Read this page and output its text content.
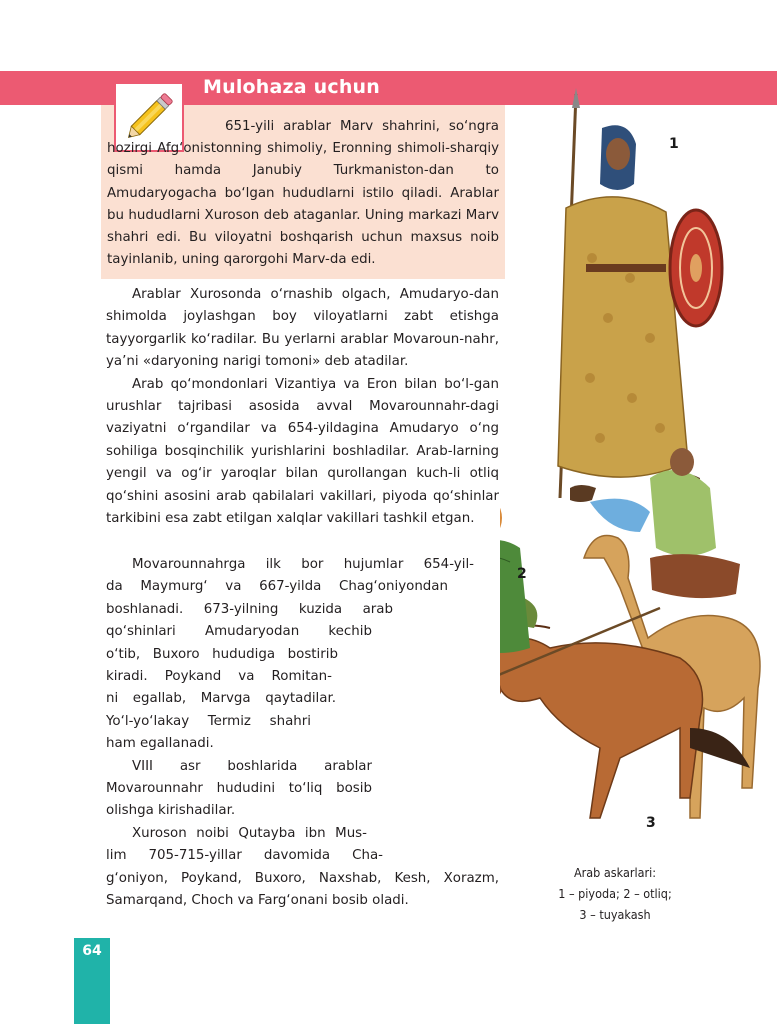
Mulohaza uchun

651-yili arablar Marv shahrini, so‘ngra hozirgi Afg‘onistonning shimoliy, Eronning shimoli-sharqiy qismi hamda Janubiy Turkmaniston-dan to Amudaryogacha bo‘lgan hududlarni istilo qiladi. Arablar bu hududlarni Xuroson deb ataganlar. Uning markazi Marv shahri edi. Bu viloyatni boshqarish uchun maxsus noib tayinlanib, uning qarorgohi Marv-da edi.

Arablar Xurosonda o‘rnashib olgach, Amudaryo-dan shimolda joylashgan boy viloyatlarni zabt etishga tayyorgarlik ko‘radilar. Bu yerlarni arablar Movaroun-nahr, ya’ni «daryoning narigi tomoni» deb atadilar.

Arab qo‘mondonlari Vizantiya va Eron bilan bo‘l-gan urushlar tajribasi asosida avval Movarounnahr-dagi vaziyatni o‘rgandilar va 654-yildagina Amudaryo o‘ng sohiliga bosqinchilik yurishlarini boshladilar. Arab-larning yengil va og‘ir yaroqlar bilan qurollangan kuch-li otliq qo‘shini asosini arab qabilalari vakillari, piyoda qo‘shinlar tarkibini esa zabt etilgan xalqlar vakillari tashkil etgan.

Movarounnahrga ilk bor hujumlar 654-yil-
da Maymurg‘ va 667-yilda Chag‘oniyondan
boshlanadi. 673-yilning kuzida arab
qo‘shinlari Amudaryodan kechib
o‘tib, Buxoro hududiga bostirib
kiradi. Poykand va Romitan-
ni egallab, Marvga qaytadilar.
Yo‘l-yo‘lakay Termiz shahri
ham egallanadi.

VIII asr boshlarida arablar
Movarounnahr hududini to‘liq bosib
olishga kirishadilar.

Xuroson noibi Qutayba ibn Mus-
lim 705-715-yillar davomida Cha-
g‘oniyon, Poykand, Buxoro, Naxshab, Kesh, Xorazm,
Samarqand, Choch va Farg‘onani bosib oladi.

1
2
3
Arab askarlari:
1 – piyoda; 2 – otliq;
3 – tuyakash
64
